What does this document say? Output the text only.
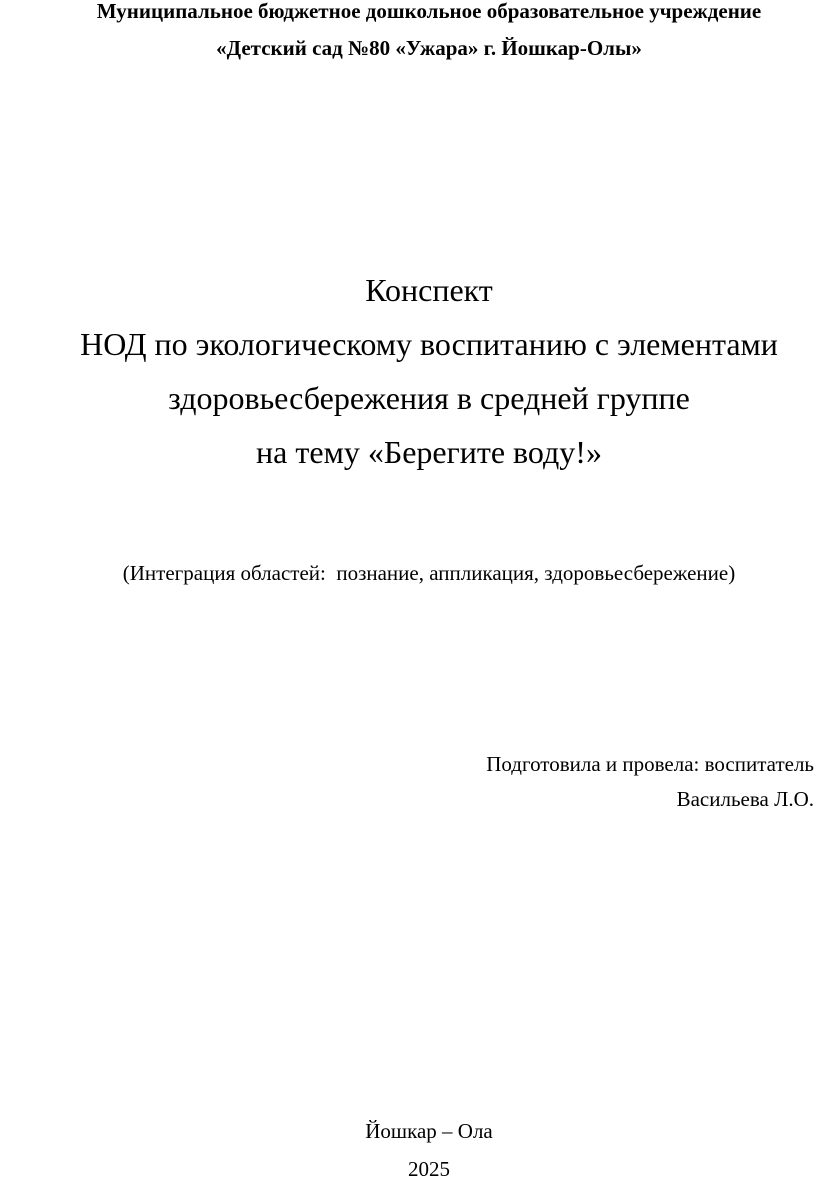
Муниципальное бюджетное дошкольное образовательное учреждение
«Детский сад №80 «Ужара» г. Йошкар-Олы»
Конспект
НОД по экологическому воспитанию с элементами
здоровьесбережения в средней группе
на тему «Берегите воду!»

(Интеграция областей:  познание, аппликация, здоровьесбережение)

Подготовила и провела: воспитатель
Васильева Л.О.
Йошкар – Ола
2025
